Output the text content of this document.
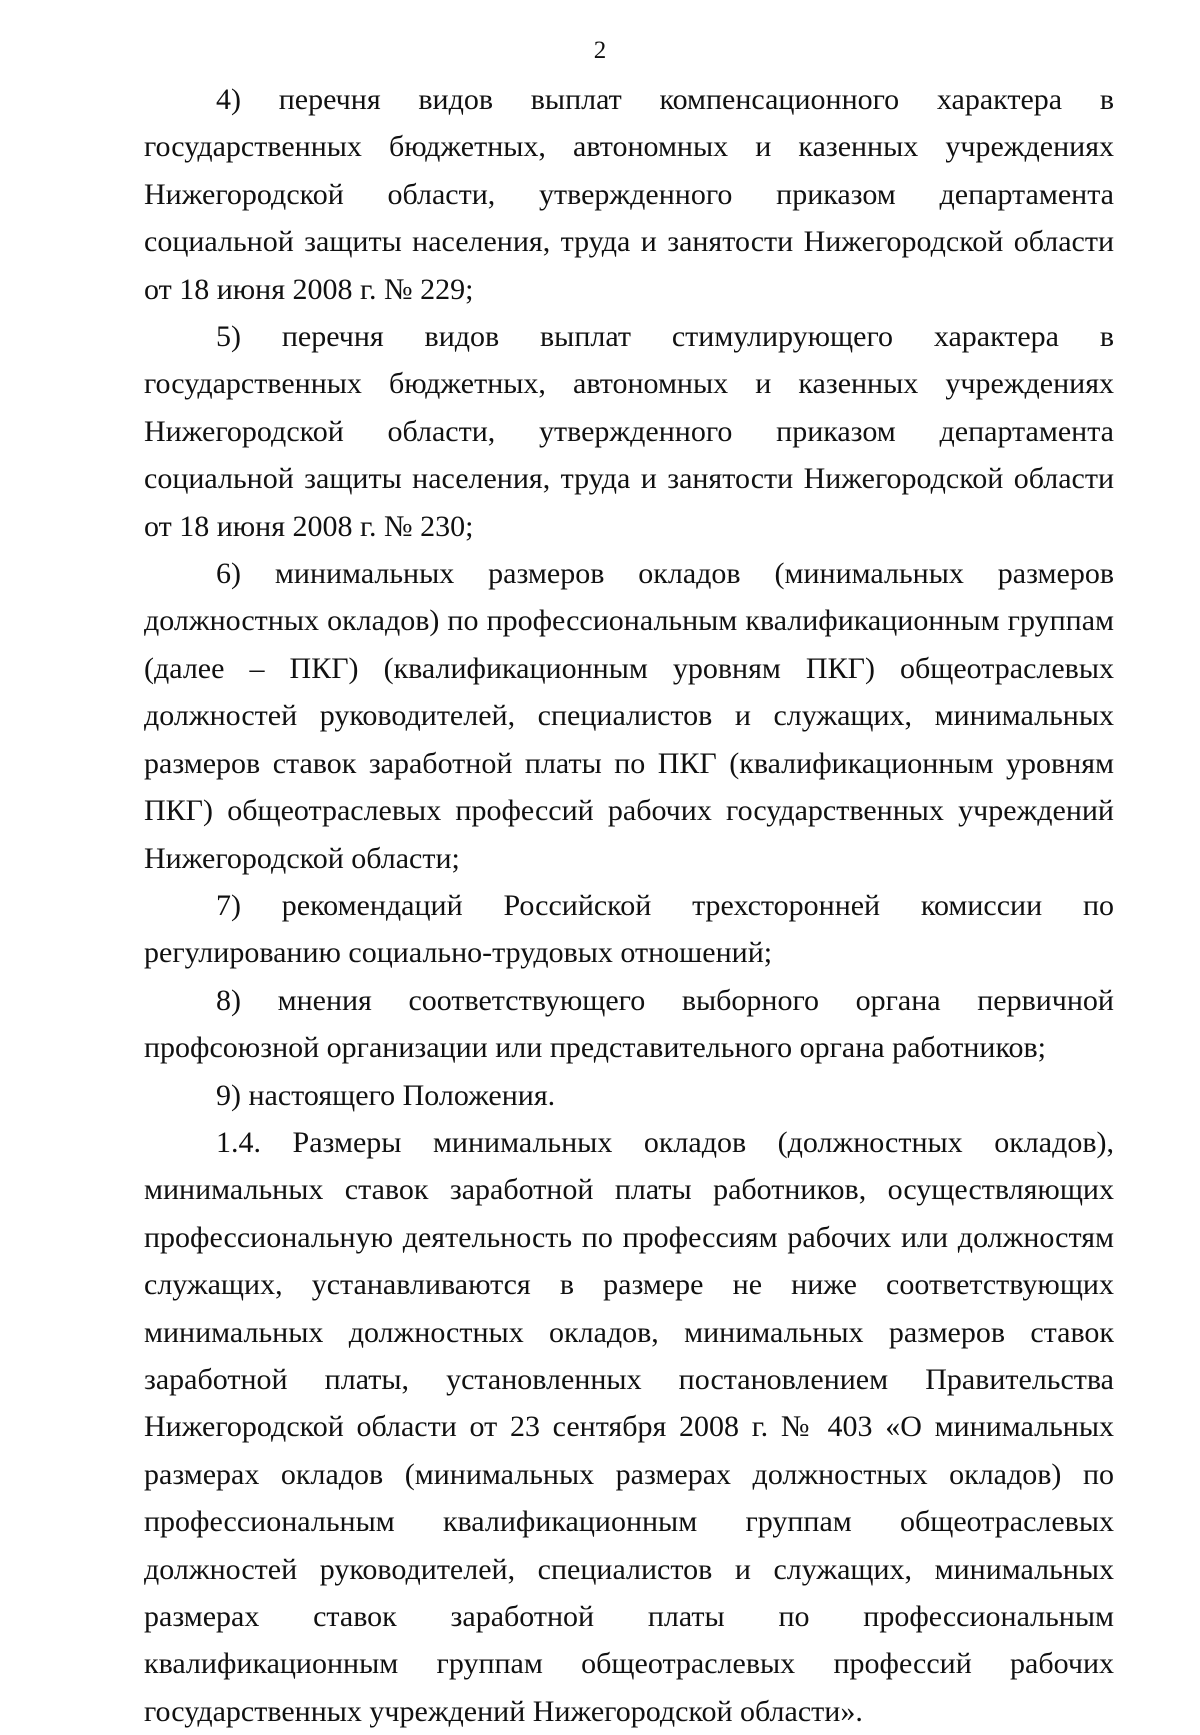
2

4) перечня видов выплат компенсационного характера в государственных бюджетных, автономных и казенных учреждениях Нижегородской области, утвержденного приказом департамента социальной защиты населения, труда и занятости Нижегородской области от 18 июня 2008 г. № 229;

5) перечня видов выплат стимулирующего характера в государственных бюджетных, автономных и казенных учреждениях Нижегородской области, утвержденного приказом департамента социальной защиты населения, труда и занятости Нижегородской области от 18 июня 2008 г. № 230;

6) минимальных размеров окладов (минимальных размеров должностных окладов) по профессиональным квалификационным группам (далее – ПКГ) (квалификационным уровням ПКГ) общеотраслевых должностей руководителей, специалистов и служащих, минимальных размеров ставок заработной платы по ПКГ (квалификационным уровням ПКГ) общеотраслевых профессий рабочих государственных учреждений Нижегородской области;

7) рекомендаций Российской трехсторонней комиссии по регулированию социально-трудовых отношений;

8) мнения соответствующего выборного органа первичной профсоюзной организации или представительного органа работников;

9) настоящего Положения.

1.4. Размеры минимальных окладов (должностных окладов), минимальных ставок заработной платы работников, осуществляющих профессиональную деятельность по профессиям рабочих или должностям служащих, устанавливаются в размере не ниже соответствующих минимальных должностных окладов, минимальных размеров ставок заработной платы, установленных постановлением Правительства Нижегородской области от 23 сентября 2008 г. № 403 «О минимальных размерах окладов (минимальных размерах должностных окладов) по профессиональным квалификационным группам общеотраслевых должностей руководителей, специалистов и служащих, минимальных размерах ставок заработной платы по профессиональным квалификационным группам общеотраслевых профессий рабочих государственных учреждений Нижегородской области».
